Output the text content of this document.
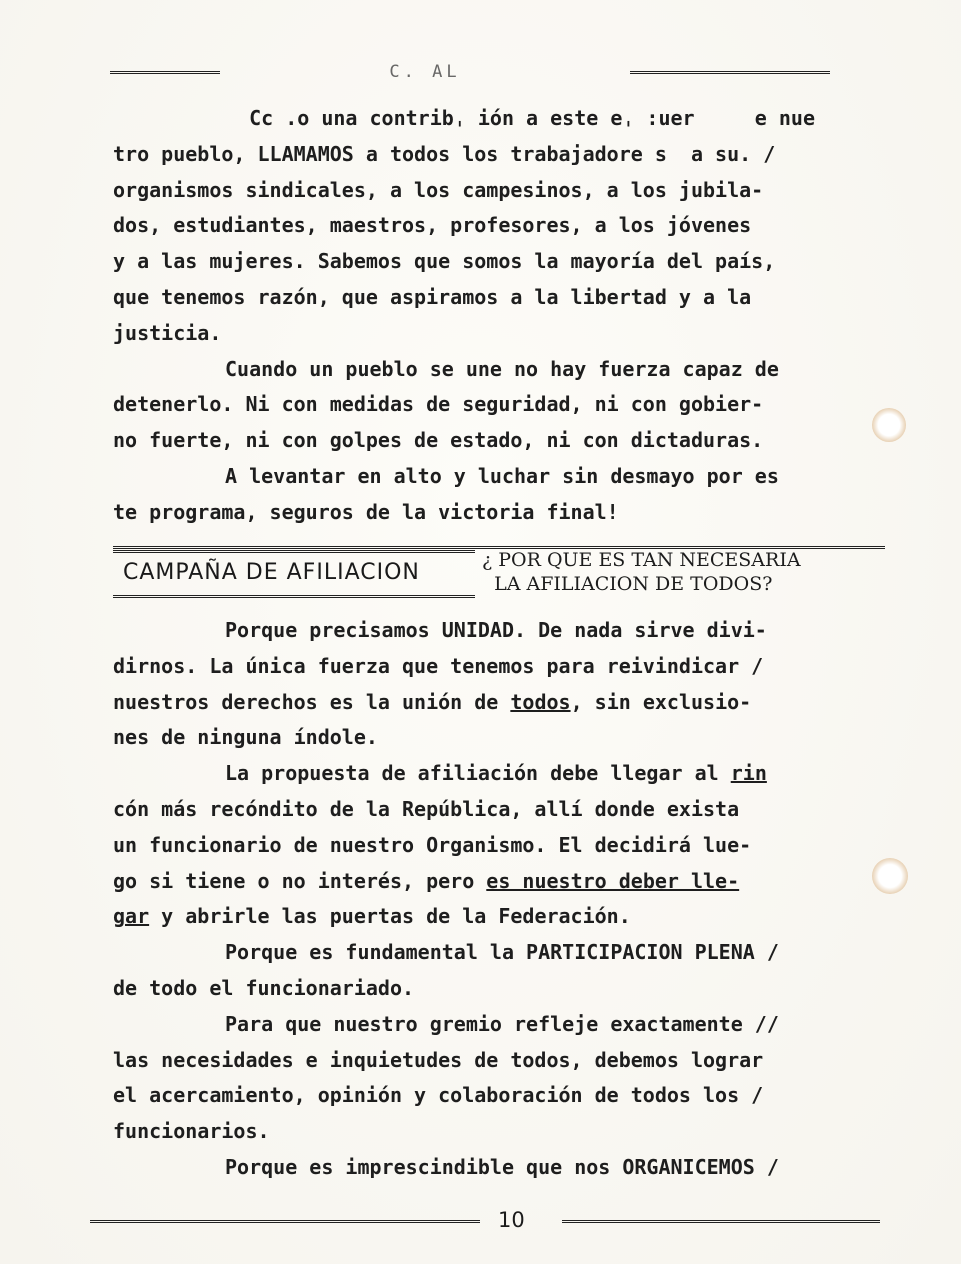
C. AL
Cc .o una contribˌ ión a este eˌ :uer     e nue
tro pueblo, LLAMAMOS a todos los trabajadore s  a su. /
organismos sindicales, a los campesinos, a los jubila-
dos, estudiantes, maestros, profesores, a los jóvenes
y a las mujeres. Sabemos que somos la mayoría del país,
que tenemos razón, que aspiramos a la libertad y a la
justicia.
Cuando un pueblo se une no hay fuerza capaz de
detenerlo. Ni con medidas de seguridad, ni con gobier-
no fuerte, ni con golpes de estado, ni con dictaduras.
A levantar en alto y luchar sin desmayo por es
te programa, seguros de la victoria final!
CAMPAÑA DE AFILIACION	¿ POR QUE ES TAN NECESARIA
LA AFILIACION DE TODOS?
Porque precisamos UNIDAD. De nada sirve divi-
dirnos. La única fuerza que tenemos para reivindicar /
nuestros derechos es la unión de todos, sin exclusio-
nes de ninguna índole.
La propuesta de afiliación debe llegar al rin
cón más recóndito de la República, allí donde exista
un funcionario de nuestro Organismo. El decidirá lue-
go si tiene o no interés, pero es nuestro deber lle-
gar y abrirle las puertas de la Federación.
Porque es fundamental la PARTICIPACION PLENA /
de todo el funcionariado.
Para que nuestro gremio refleje exactamente //
las necesidades e inquietudes de todos, debemos lograr
el acercamiento, opinión y colaboración de todos los /
funcionarios.
Porque es imprescindible que nos ORGANICEMOS /
10
